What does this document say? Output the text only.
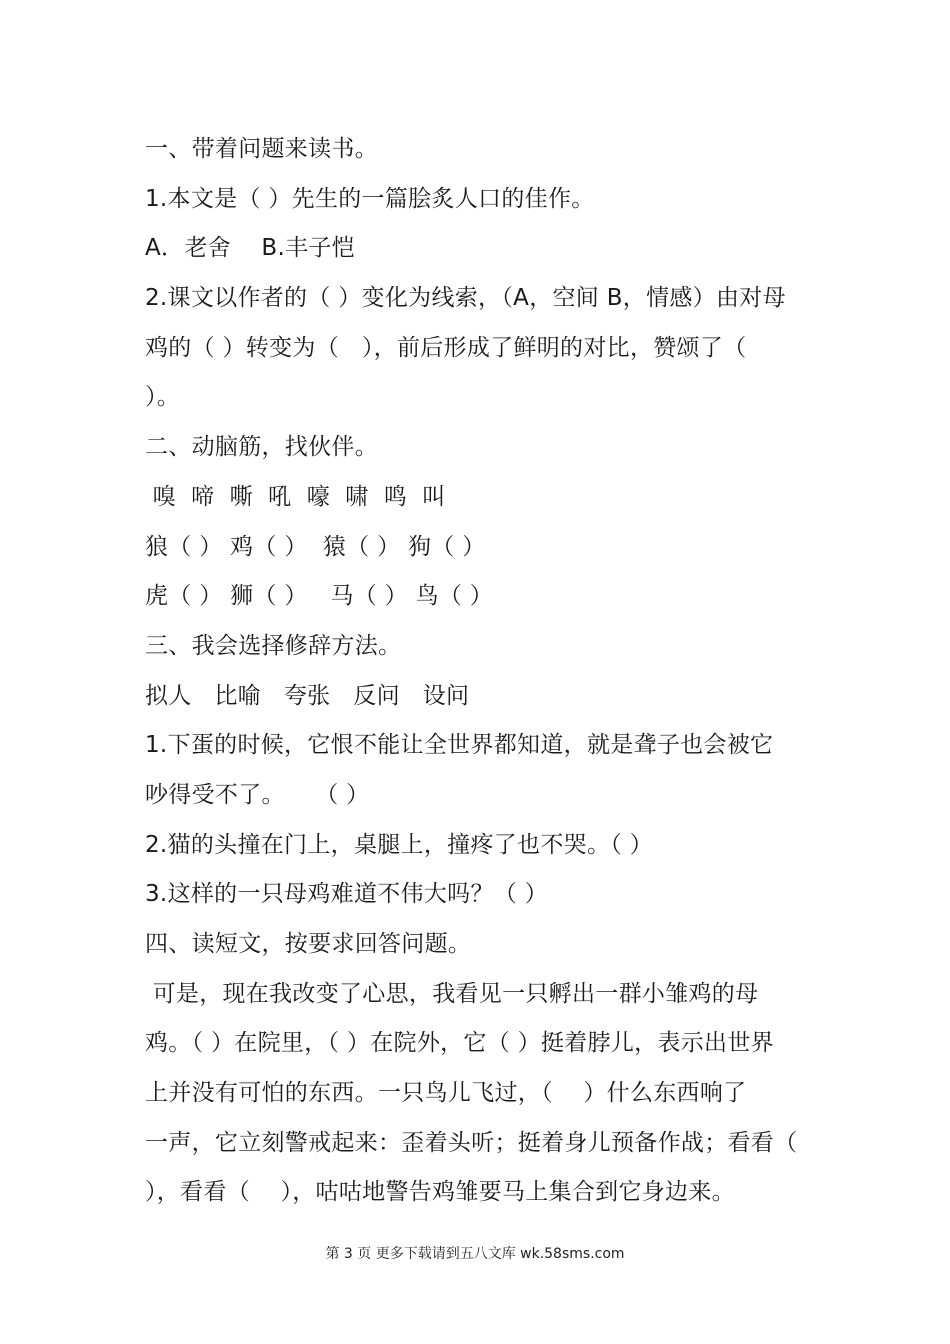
一、带着问题来读书。
1.本文是（ ）先生的一篇脍炙人口的佳作。
A．老舍    B.丰子恺
2.课文以作者的（ ）变化为线索，（A，空间 B，情感）由对母
鸡的（ ）转变为（   ），前后形成了鲜明的对比，赞颂了（
）。
二、动脑筋，找伙伴。
嗅  啼  嘶  吼  嚎  啸  鸣  叫
狼（ ） 鸡（ ）  猿（ ） 狗（ ）
虎（ ） 狮（ ）   马（ ） 鸟（ ）
三、我会选择修辞方法。
拟人   比喻   夸张   反问   设问
1.下蛋的时候，它恨不能让全世界都知道，就是聋子也会被它
吵得受不了。    （ ）
2.猫的头撞在门上，桌腿上，撞疼了也不哭。（ ）
3.这样的一只母鸡难道不伟大吗？（ ）
四、读短文，按要求回答问题。
可是，现在我改变了心思，我看见一只孵出一群小雏鸡的母
鸡。（ ）在院里，（ ）在院外，它（ ）挺着脖儿，表示出世界
上并没有可怕的东西。一只鸟儿飞过，（    ）什么东西响了
一声，它立刻警戒起来：歪着头听；挺着身儿预备作战；看看（
），看看（    ），咕咕地警告鸡雏要马上集合到它身边来。
第 3 页 更多下载请到五八文库 wk.58sms.com
